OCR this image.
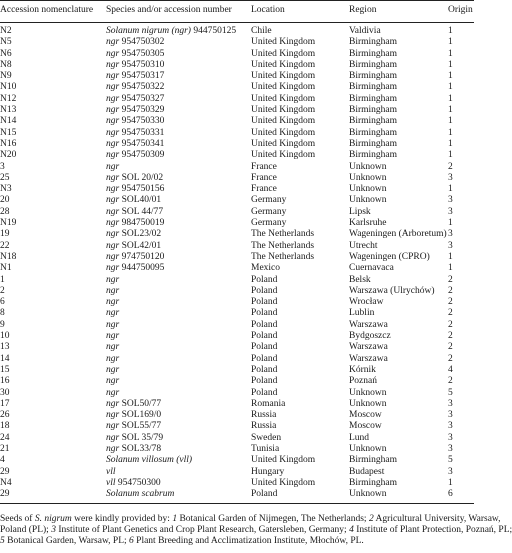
Accession nomenclature	Species and/or accession number	Location	Region	Origin
N2	Solanum nigrum (ngr) 944750125	Chile	Valdivia	1
N5	ngr 954750302	United Kingdom	Birmingham	1
N6	ngr 954750305	United Kingdom	Birmingham	1
N8	ngr 954750310	United Kingdom	Birmingham	1
N9	ngr 954750317	United Kingdom	Birmingham	1
N10	ngr 954750322	United Kingdom	Birmingham	1
N12	ngr 954750327	United Kingdom	Birmingham	1
N13	ngr 954750329	United Kingdom	Birmingham	1
N14	ngr 954750330	United Kingdom	Birmingham	1
N15	ngr 954750331	United Kingdom	Birmingham	1
N16	ngr 954750341	United Kingdom	Birmingham	1
N20	ngr 954750309	United Kingdom	Birmingham	1
3	ngr	France	Unknown	2
25	ngr SOL 20/02	France	Unknown	3
N3	ngr 954750156	France	Unknown	1
20	ngr SOL40/01	Germany	Unknown	3
28	ngr SOL 44/77	Germany	Lipsk	3
N19	ngr 984750019	Germany	Karlsruhe	1
19	ngr SOL23/02	The Netherlands	Wageningen (Arboretum)	3
22	ngr SOL42/01	The Netherlands	Utrecht	3
N18	ngr 974750120	The Netherlands	Wageningen (CPRO)	1
N1	ngr 944750095	Mexico	Cuernavaca	1
1	ngr	Poland	Belsk	2
2	ngr	Poland	Warszawa (Ulrychów)	2
6	ngr	Poland	Wrocław	2
8	ngr	Poland	Lublin	2
9	ngr	Poland	Warszawa	2
10	ngr	Poland	Bydgoszcz	2
13	ngr	Poland	Warszawa	2
14	ngr	Poland	Warszawa	2
15	ngr	Poland	Kórnik	4
16	ngr	Poland	Poznań	2
30	ngr	Poland	Unknown	5
17	ngr SOL50/77	Romania	Unknown	3
26	ngr SOL169/0	Russia	Moscow	3
18	ngr SOL55/77	Russia	Moscow	3
24	ngr SOL 35/79	Sweden	Lund	3
21	ngr SOL33/78	Tunisia	Unknown	3
4	Solanum villosum (vll)	United Kingdom	Birmingham	5
29	vll	Hungary	Budapest	3
N4	vll 954750300	United Kingdom	Birmingham	1
29	Solanum scabrum	Poland	Unknown	6
Seeds of S. nigrum were kindly provided by: 1 Botanical Garden of Nijmegen, The Netherlands; 2 Agricultural University, Warsaw,
Poland (PL); 3 Institute of Plant Genetics and Crop Plant Research, Gatersleben, Germany; 4 Institute of Plant Protection, Poznań, PL;
5 Botanical Garden, Warsaw, PL; 6 Plant Breeding and Acclimatization Institute, Młochów, PL.
